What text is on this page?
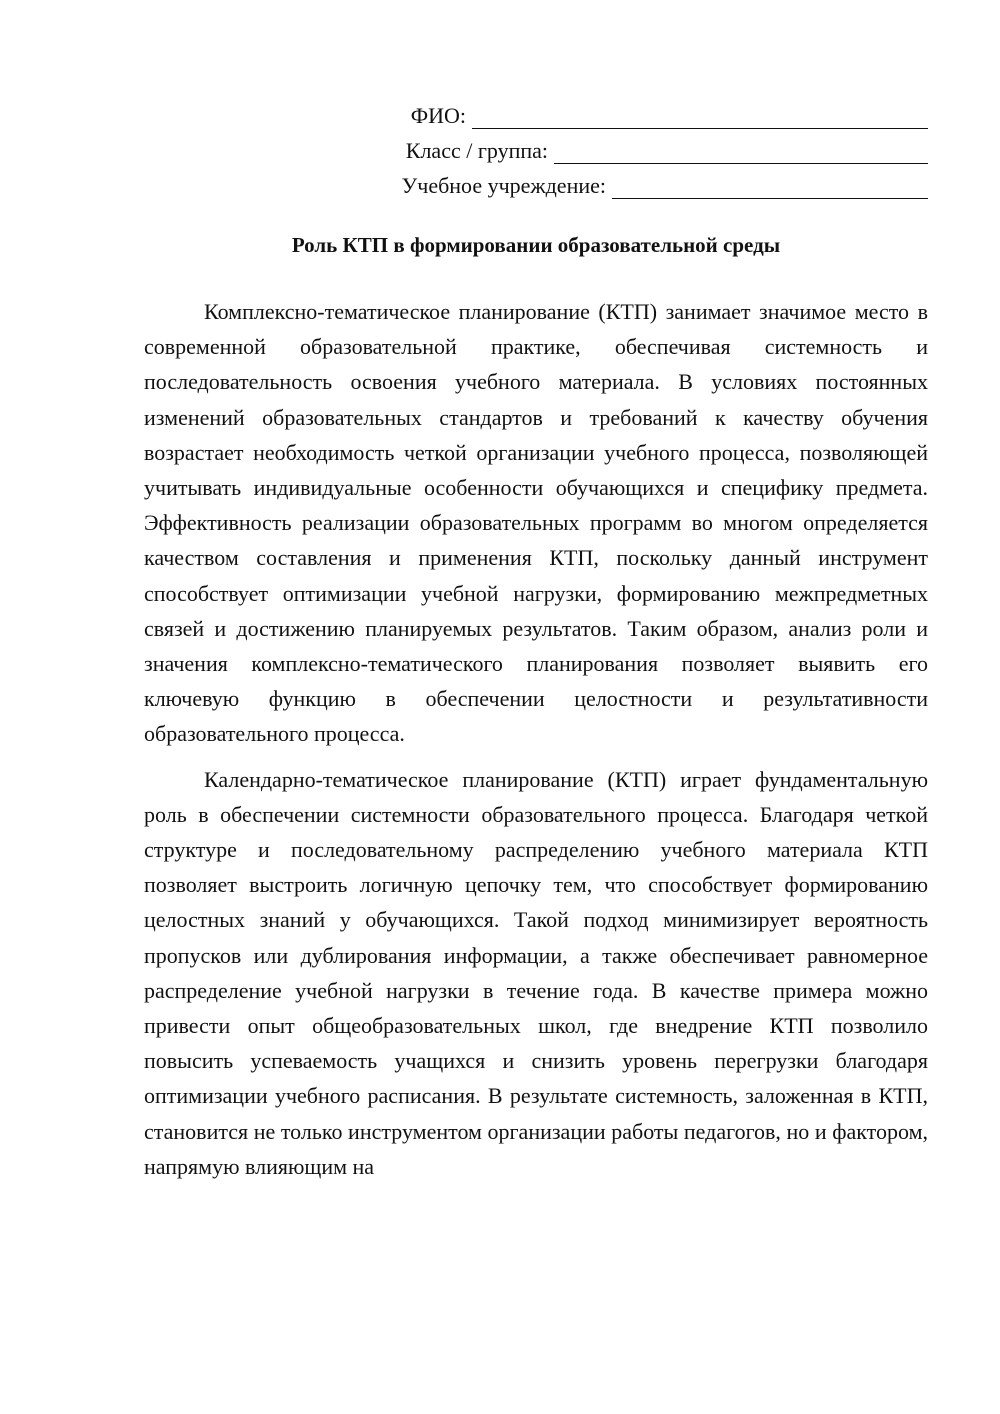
ФИО:
Класс / группа:
Учебное учреждение:
Роль КТП в формировании образовательной среды

Комплексно-тематическое планирование (КТП) занимает значимое место в современной образовательной практике, обеспечивая системность и последовательность освоения учебного материала. В условиях постоянных изменений образовательных стандартов и требований к качеству обучения возрастает необходимость четкой организации учебного процесса, позволяющей учитывать индивидуальные особенности обучающихся и специфику предмета. Эффективность реализации образовательных программ во многом определяется качеством составления и применения КТП, поскольку данный инструмент способствует оптимизации учебной нагрузки, формированию межпредметных связей и достижению планируемых результатов. Таким образом, анализ роли и значения комплексно-тематического планирования позволяет выявить его ключевую функцию в обеспечении целостности и результативности образовательного процесса.

Календарно-тематическое планирование (КТП) играет фундаментальную роль в обеспечении системности образовательного процесса. Благодаря четкой структуре и последовательному распределению учебного материала КТП позволяет выстроить логичную цепочку тем, что способствует формированию целостных знаний у обучающихся. Такой подход минимизирует вероятность пропусков или дублирования информации, а также обеспечивает равномерное распределение учебной нагрузки в течение года. В качестве примера можно привести опыт общеобразовательных школ, где внедрение КТП позволило повысить успеваемость учащихся и снизить уровень перегрузки благодаря оптимизации учебного расписания. В результате системность, заложенная в КТП, становится не только инструментом организации работы педагогов, но и фактором, напрямую влияющим на
